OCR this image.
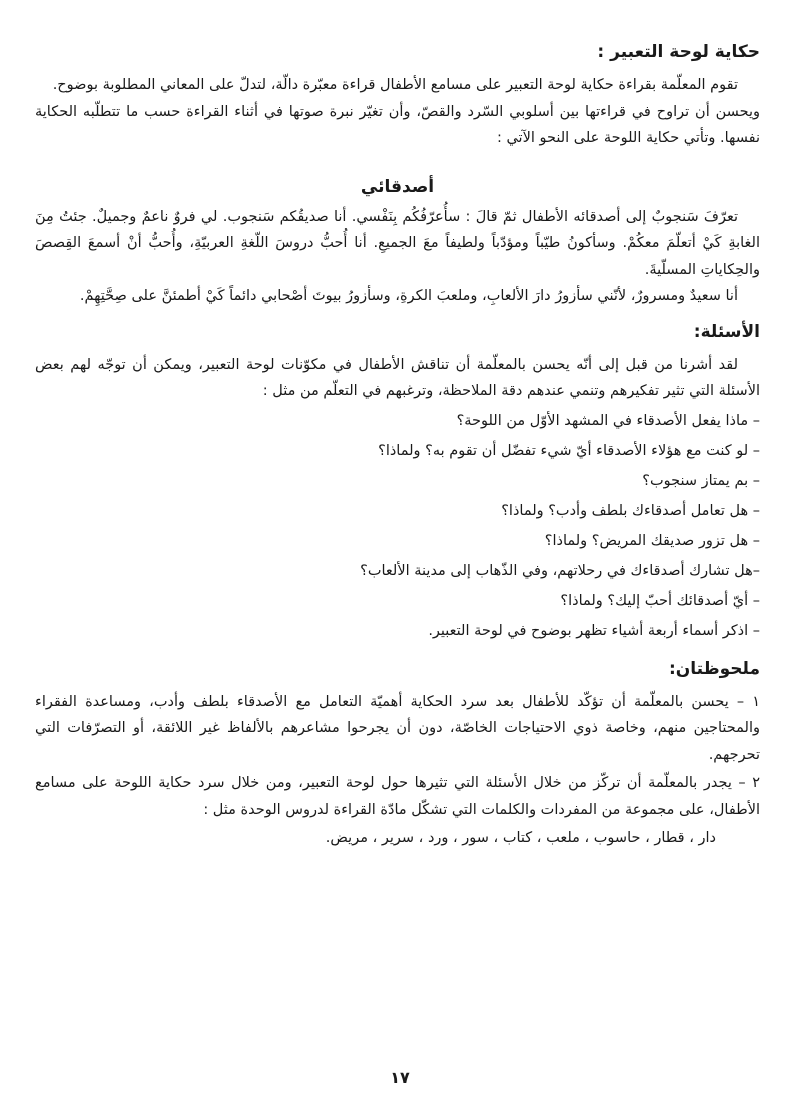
حكاية لوحة التعبير :

تقوم المعلّمة بقراءة حكاية لوحة التعبير على مسامع الأطفال قراءة معبّرة دالّة، لتدلّ على المعاني المطلوبة بوضوح.

ويحسن أن تراوح في قراءتها بين أسلوبي السّرد والقصّ، وأن تغيّر نبرة صوتها في أثناء القراءة حسب ما تتطلّبه الحكاية نفسها. وتأتي حكاية اللوحة على النحو الآتي :

أصدقائي

تعرّفَ سَنجوبٌ إلى أصدقائه الأطفال ثمّ قالَ : سأُعرّفُكُم بِنَفْسي. أنا صديقُكم سَنجوب. لي فروٌ ناعمٌ وجميلٌ. جئتُ مِنَ الغابةِ كَيْ أتعلّمَ معكُمْ. وسأكونُ طيّباً ومؤدّباً ولطيفاً معَ الجميعِ. أنا أُحبُّ دروسَ اللّغةِ العربيّةِ، وأُحبُّ أنْ أسمعَ القِصصَ والحِكاياتِ المسلّيةَ.

أنا سعيدٌ ومسرورٌ، لأنّني سأزورُ دارَ الألعابِ، وملعبَ الكرةِ، وسأزورُ بيوتَ أصْحابي دائماً كَيْ أطمئنَّ على صِحَّتِهِمْ.

الأسئلة:

لقد أشرنا من قبل إلى أنّه يحسن بالمعلّمة أن تناقش الأطفال في مكوّنات لوحة التعبير، ويمكن أن توجّه لهم بعض الأسئلة التي تثير تفكيرهم وتنمي عندهم دقة الملاحظة، وترغبهم في التعلّم من مثل :

– ماذا يفعل الأصدقاء في المشهد الأوّل من اللوحة؟

– لو كنت مع هؤلاء الأصدقاء أيّ شيء تفضّل أن تقوم به؟ ولماذا؟

– بم يمتاز سنجوب؟

– هل تعامل أصدقاءك بلطف وأدب؟ ولماذا؟

– هل تزور صديقك المريض؟ ولماذا؟

–هل تشارك أصدقاءك في رحلاتهم، وفي الذّهاب إلى مدينة الألعاب؟

– أيّ أصدقائك أحبّ إليك؟ ولماذا؟

– اذكر أسماء أربعة أشياء تظهر بوضوح في لوحة التعبير.

ملحوظتان:

١ – يحسن بالمعلّمة أن تؤكّد للأطفال بعد سرد الحكاية أهميّة التعامل مع الأصدقاء بلطف وأدب، ومساعدة الفقراء والمحتاجين منهم، وخاصة ذوي الاحتياجات الخاصّة، دون أن يجرحوا مشاعرهم بالألفاظ غير اللائقة، أو التصرّفات التي تحرجهم.

٢ – يجدر بالمعلّمة أن تركّز من خلال الأسئلة التي تثيرها حول لوحة التعبير، ومن خلال سرد حكاية اللوحة على مسامع الأطفال، على مجموعة من المفردات والكلمات التي تشكّل مادّة القراءة لدروس الوحدة مثل :

دار ، قطار ، حاسوب ، ملعب ، كتاب ، سور ، ورد ، سرير ، مريض.

١٧
